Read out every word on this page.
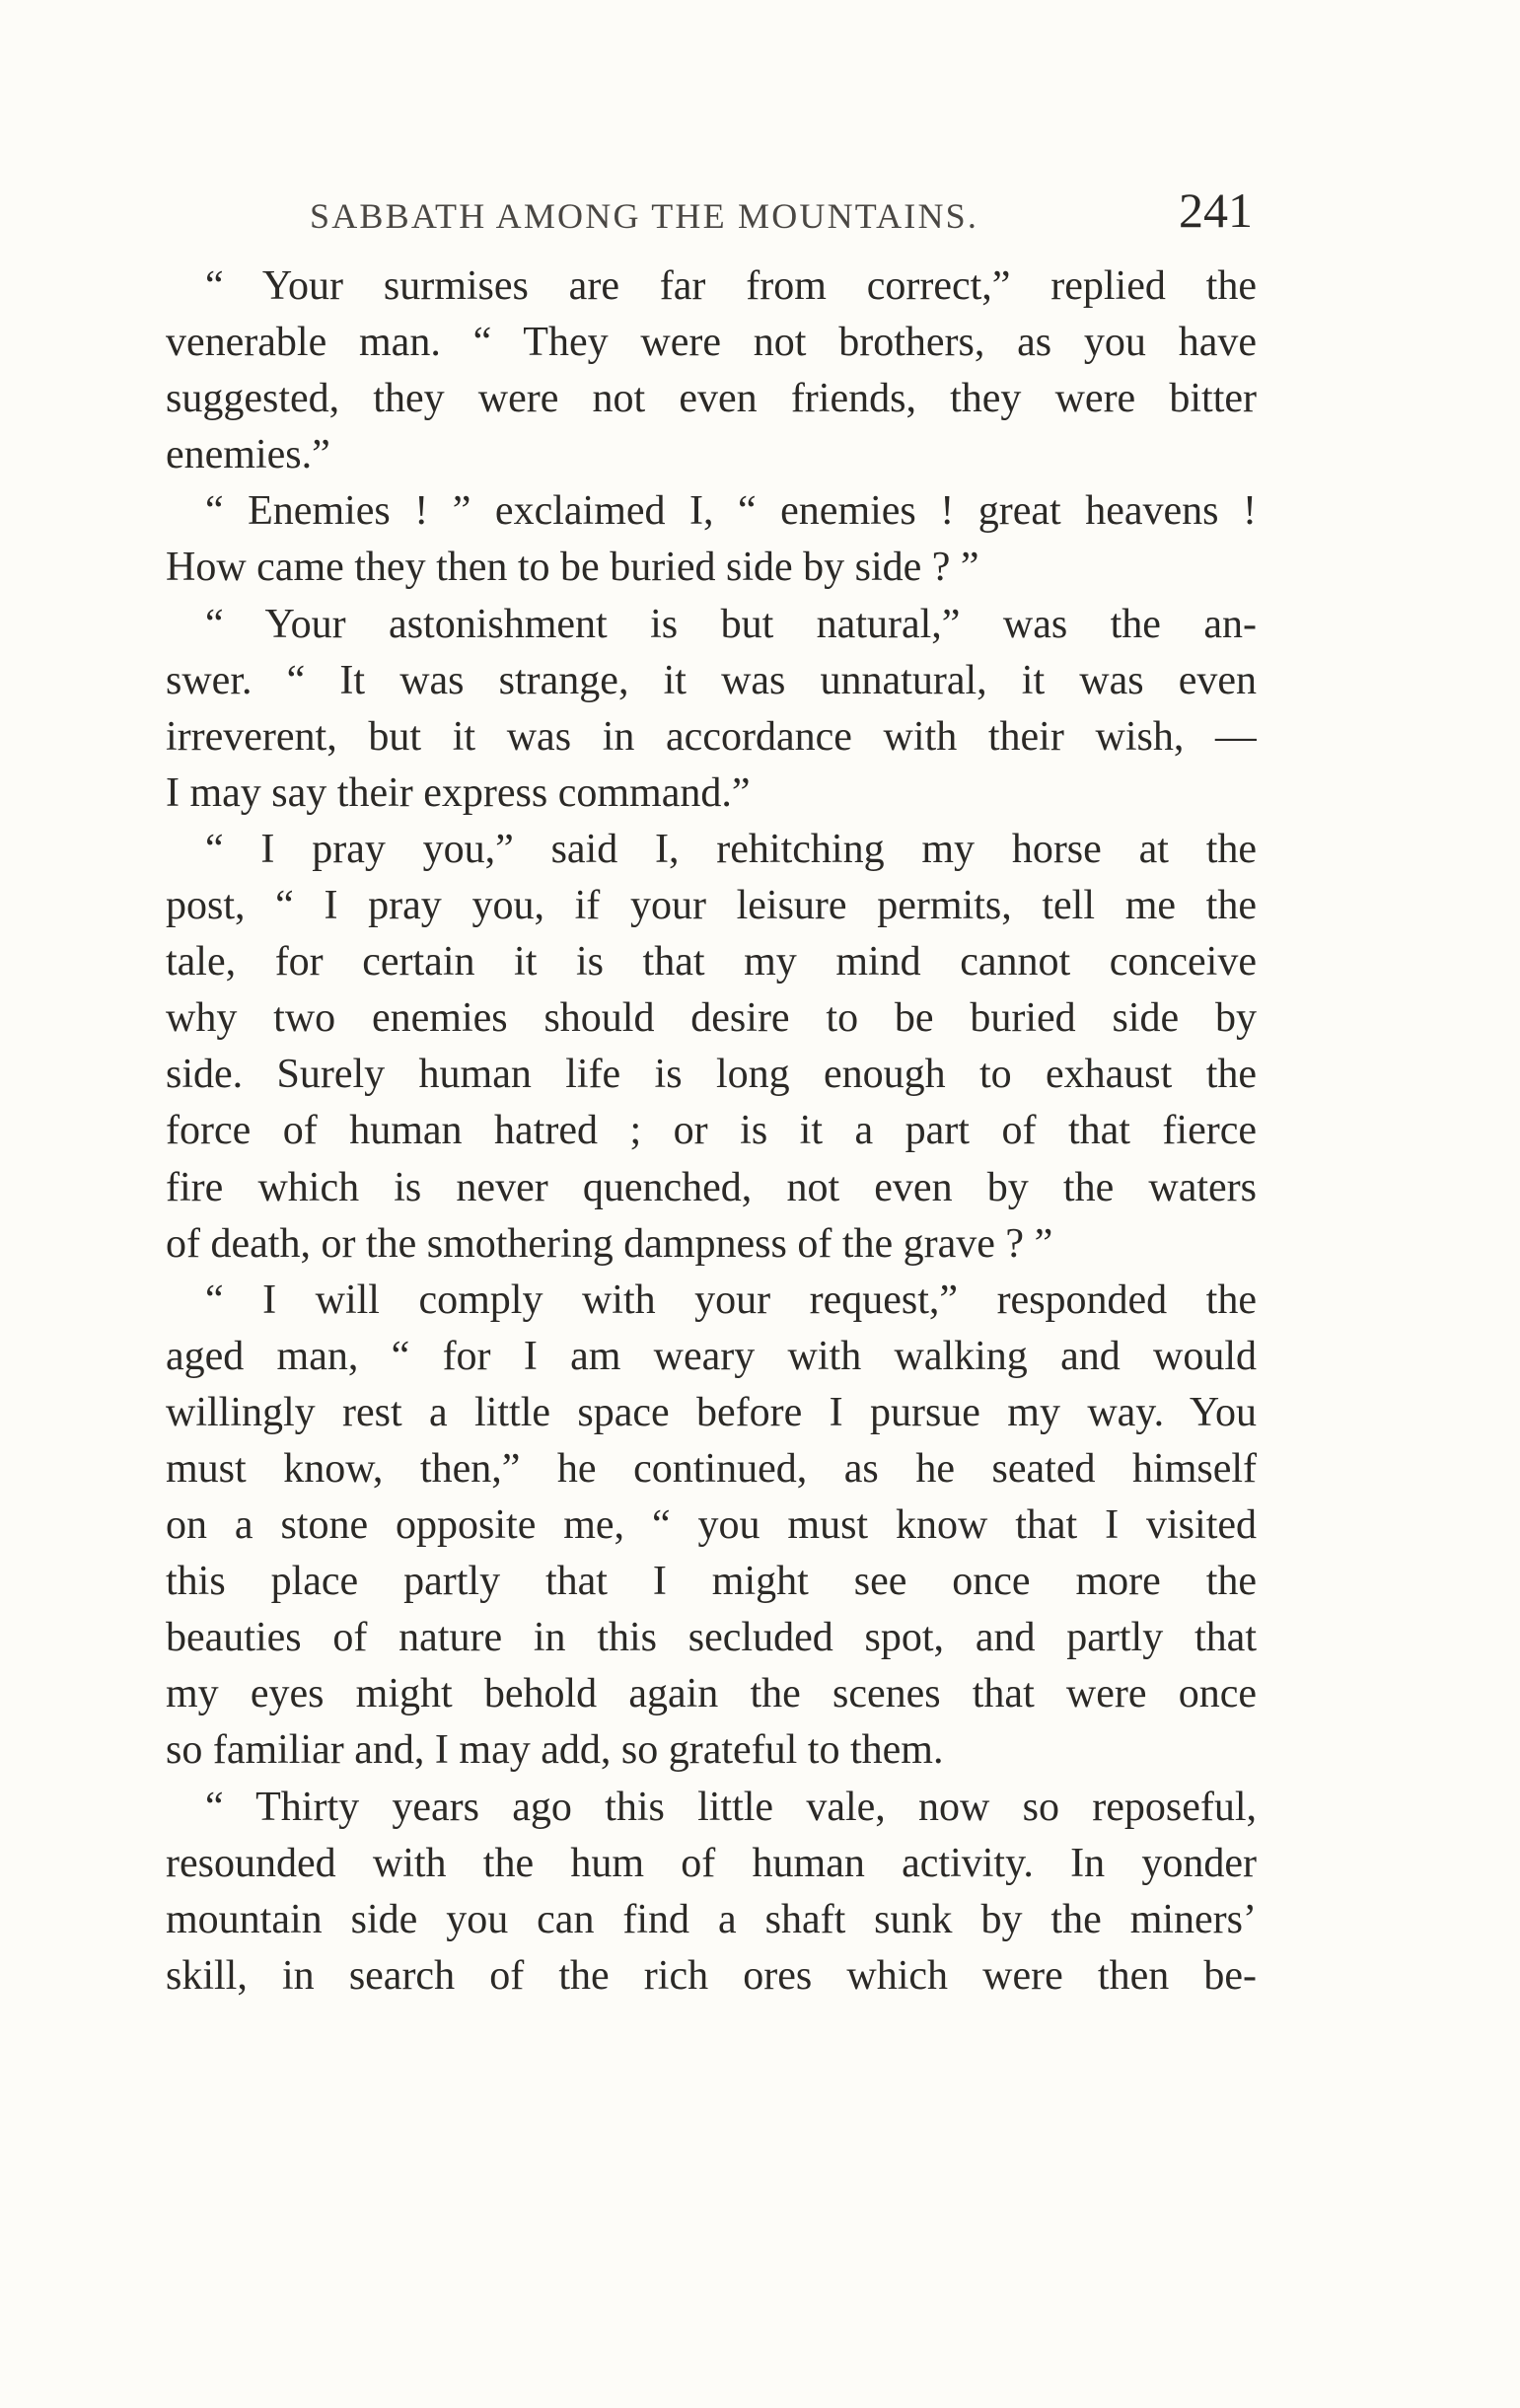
SABBATH AMONG THE MOUNTAINS.	241
“ Your surmises are far from correct,” replied the
venerable man. “ They were not brothers, as you have
suggested, they were not even friends, they were bitter
enemies.”
“ Enemies ! ” exclaimed I, “ enemies ! great heavens !
How came they then to be buried side by side ? ”
“ Your astonishment is but natural,” was the an-
swer. “ It was strange, it was unnatural, it was even
irreverent, but it was in accordance with their wish, —
I may say their express command.”
“ I pray you,” said I, rehitching my horse at the
post, “ I pray you, if your leisure permits, tell me the
tale, for certain it is that my mind cannot conceive
why two enemies should desire to be buried side by
side. Surely human life is long enough to exhaust the
force of human hatred ; or is it a part of that fierce
fire which is never quenched, not even by the waters
of death, or the smothering dampness of the grave ? ”
“ I will comply with your request,” responded the
aged man, “ for I am weary with walking and would
willingly rest a little space before I pursue my way. You
must know, then,” he continued, as he seated himself
on a stone opposite me, “ you must know that I visited
this place partly that I might see once more the
beauties of nature in this secluded spot, and partly that
my eyes might behold again the scenes that were once
so familiar and, I may add, so grateful to them.
“ Thirty years ago this little vale, now so reposeful,
resounded with the hum of human activity. In yonder
mountain side you can find a shaft sunk by the miners’
skill, in search of the rich ores which were then be-
